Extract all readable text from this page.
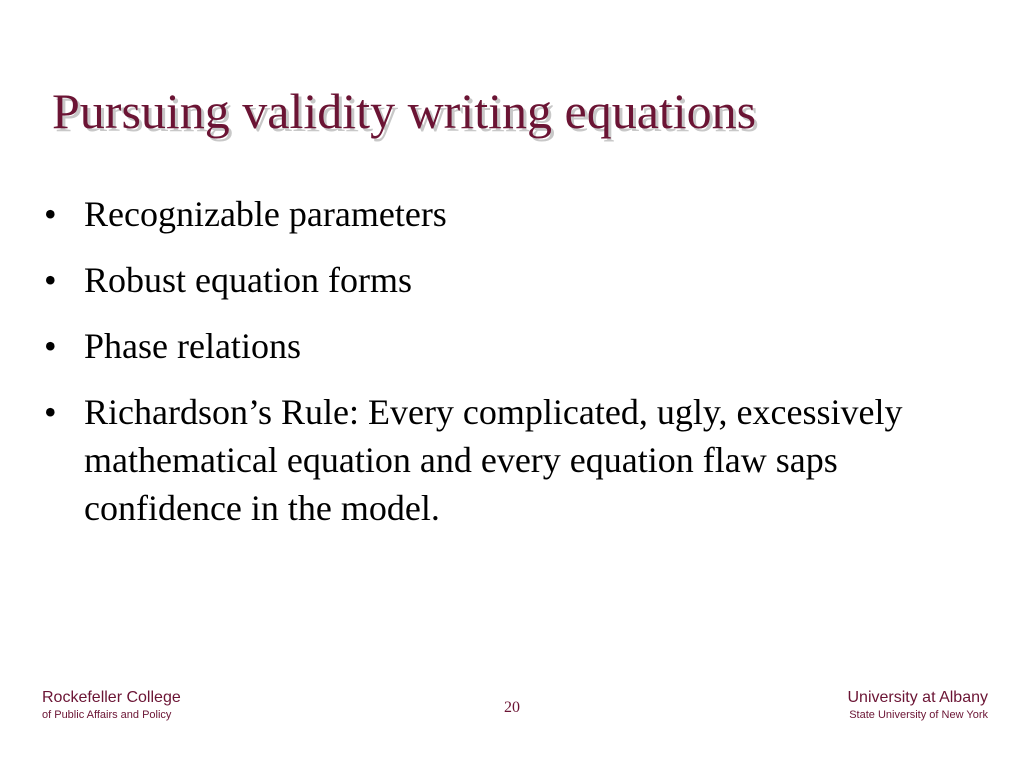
Pursuing validity writing equations
• Recognizable parameters
• Robust equation forms
• Phase relations
• Richardson’s Rule: Every complicated, ugly, excessively mathematical equation and every equation flaw saps confidence in the model.
Rockefeller College
of Public Affairs and Policy	20
University at Albany
State University of New York
